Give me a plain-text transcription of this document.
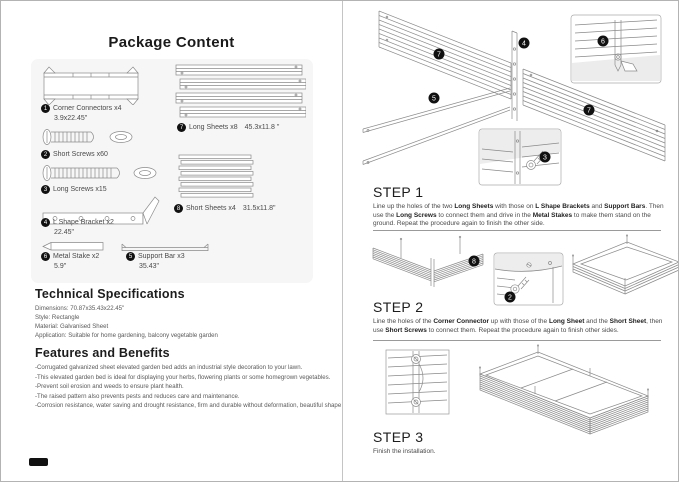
Package Content
1 Corner Connectors x4
3.9x22.45"
2 Short Screws x60
3 Long Screws x15
4 L Shape Bracket x2
22.45"
6 Metal Stake x2
5.9"
5 Support Bar x3
35.43"
7 Long Sheets x8 45.3x11.8 "
8 Short Sheets x4 31.5x11.8"
Technical Specifications
Dimensions: 70.87x35.43x22.45"
Style: Rectangle
Material: Galvanised Sheet
Application: Suitable for home gardening, balcony vegetable garden
Features and Benefits
-Corrugated galvanized sheet elevated garden bed adds an industrial style decoration to your lawn.
-This elevated garden bed is ideal for displaying your herbs, flowering plants or some homegrown vegetables.
-Prevent soil erosion and weeds to ensure plant health.
-The raised pattern also prevents pests and reduces care and maintenance.
-Corrosion resistance, water saving and drought resistance, firm and durable without deformation, beautiful shape
7
4	6
5
7
3
STEP 1
Line up the holes of the two Long Sheets with those on L Shape Brackets and Support Bars. Then use the Long Screws to connect them and drive in the Metal Stakes to make them stand on the ground. Repeat the procedure again to finish the other side.
8
2
STEP 2
Line the holes of the Corner Connector up with those of the Long Sheet and the Short Sheet, then use Short Screws to connect them. Repeat the procedure again to finish other sides.
STEP 3
Finish the installation.
